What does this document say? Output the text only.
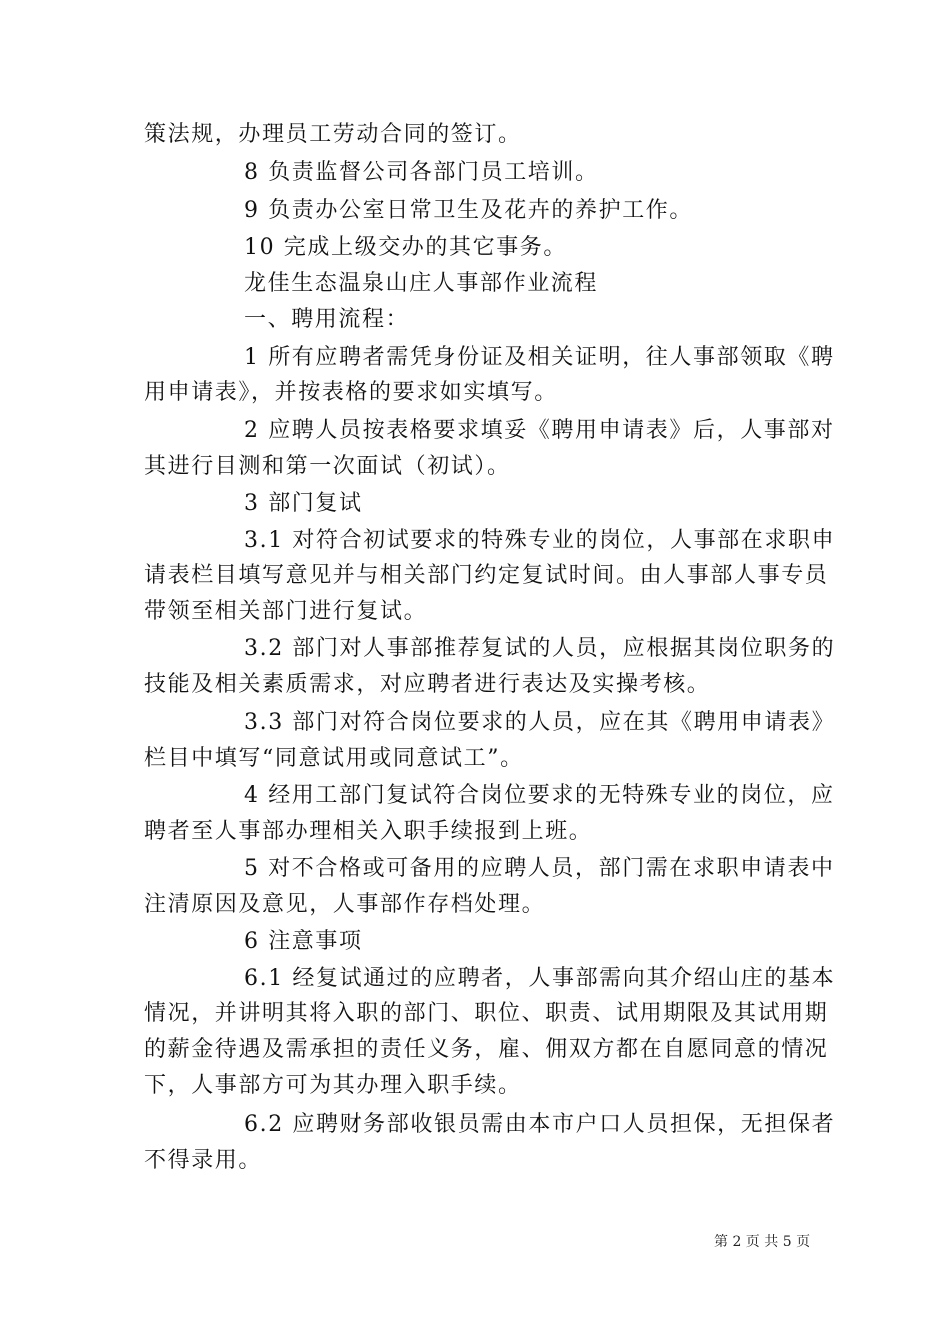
策法规，办理员工劳动合同的签订。
8 负责监督公司各部门员工培训。
9 负责办公室日常卫生及花卉的养护工作。
10 完成上级交办的其它事务。
龙佳生态温泉山庄人事部作业流程
一、聘用流程：
1 所有应聘者需凭身份证及相关证明，往人事部领取《聘
用申请表》，并按表格的要求如实填写。
2 应聘人员按表格要求填妥《聘用申请表》后，人事部对
其进行目测和第一次面试（初试）。
3 部门复试
3.1 对符合初试要求的特殊专业的岗位，人事部在求职申
请表栏目填写意见并与相关部门约定复试时间。由人事部人事专员
带领至相关部门进行复试。
3.2 部门对人事部推荐复试的人员，应根据其岗位职务的
技能及相关素质需求，对应聘者进行表达及实操考核。
3.3 部门对符合岗位要求的人员，应在其《聘用申请表》
栏目中填写“同意试用或同意试工”。
4 经用工部门复试符合岗位要求的无特殊专业的岗位，应
聘者至人事部办理相关入职手续报到上班。
5 对不合格或可备用的应聘人员，部门需在求职申请表中
注清原因及意见，人事部作存档处理。
6 注意事项
6.1 经复试通过的应聘者，人事部需向其介绍山庄的基本
情况，并讲明其将入职的部门、职位、职责、试用期限及其试用期
的薪金待遇及需承担的责任义务，雇、佣双方都在自愿同意的情况
下，人事部方可为其办理入职手续。
6.2 应聘财务部收银员需由本市户口人员担保，无担保者
不得录用。
第 2 页 共 5 页
